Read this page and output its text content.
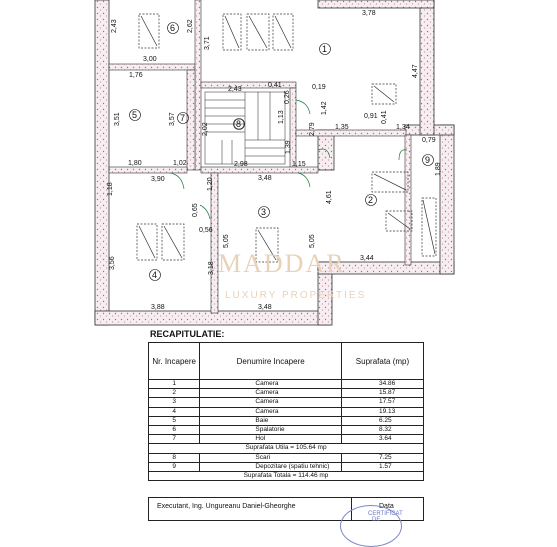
MADDAR
LUXURY PROPERTIES
2,43
3,00
2,62
3,71
3,78
4,47
1,76
3,51	3,57
1,80	1,02
2,43
0,41
0,26
0,19
1,42
1,13
1,35
0,91 0,41
1,34
2,79
2,02
1,39
2,98	1,15
0,79
1,89
3,90
1,18	1,20	3,48
4,61
0,65
0,56
3,56	3,18
5,05	5,05
3,44
3,88	3,48
1
2
3
4
5
6
7
8
9
RECAPITULATIE:
Nr. Incapere	Denumire Incapere	Suprafata (mp)
1	Camera	34.86
2	Camera	15.87
3	Camera	17.57
4	Camera	19.13
5	Baie	6.25
6	Spalatorie	8.32
7	Hol	3.64
Suprafata Utila = 105.64 mp		
8	Scari	7.25
9	Depozitare (spatiu tehnic)	1.57
Suprafata Totala = 114.46 mp		
Executant, Ing. Ungureanu Daniel-Gheorghe	Data
CERTIFICAT
DE
